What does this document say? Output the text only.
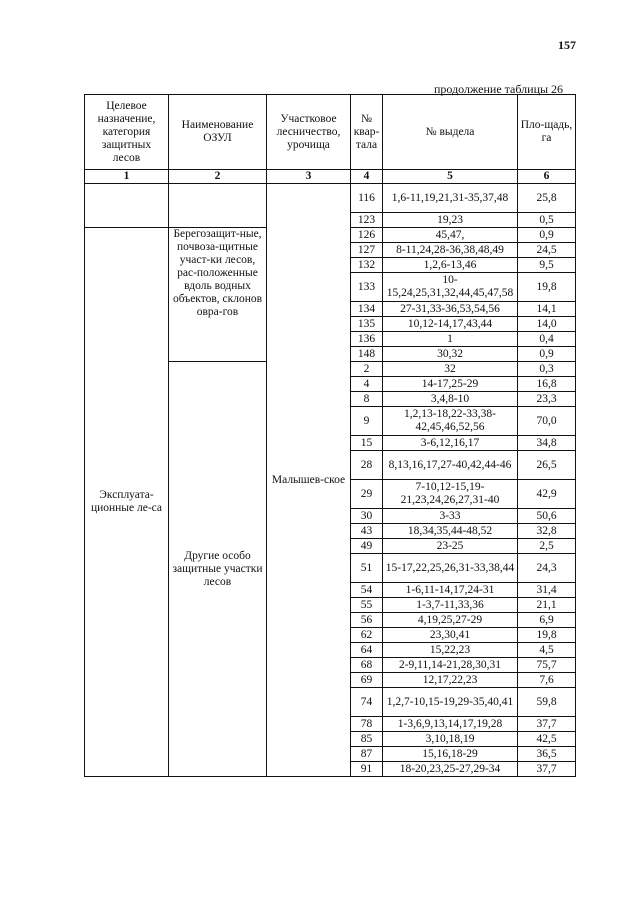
157
продолжение таблицы 26
Целевое назначение, категория защитных лесов	Наименование ОЗУЛ	Участковое лесничество, урочища	№ квар-тала	№ выдела	Пло-щадь, га
1	2	3	4	5	6
		Малышев-ское	116	1,6-11,19,21,31-35,37,48	25,8
			123	19,23	0,5
Эксплуата-ционные ле-са	Берегозащит-ные, почвоза-щитные участ-ки лесов, рас-положенные вдоль водных объектов, склонов овра-гов		126	45,47,	0,9
			127	8-11,24,28-36,38,48,49	24,5
			132	1,2,6-13,46	9,5
			133	10-15,24,25,31,32,44,45,47,58	19,8
			134	27-31,33-36,53,54,56	14,1
			135	10,12-14,17,43,44	14,0
			136	1	0,4
			148	30,32	0,9
	Другие особо защитные участки лесов		2	32	0,3
			4	14-17,25-29	16,8
			8	3,4,8-10	23,3
			9	1,2,13-18,22-33,38-42,45,46,52,56	70,0
			15	3-6,12,16,17	34,8
			28	8,13,16,17,27-40,42,44-46	26,5
			29	7-10,12-15,19-21,23,24,26,27,31-40	42,9
			30	3-33	50,6
			43	18,34,35,44-48,52	32,8
			49	23-25	2,5
			51	15-17,22,25,26,31-33,38,44	24,3
			54	1-6,11-14,17,24-31	31,4
			55	1-3,7-11,33,36	21,1
			56	4,19,25,27-29	6,9
			62	23,30,41	19,8
			64	15,22,23	4,5
			68	2-9,11,14-21,28,30,31	75,7
			69	12,17,22,23	7,6
			74	1,2,7-10,15-19,29-35,40,41	59,8
			78	1-3,6,9,13,14,17,19,28	37,7
			85	3,10,18,19	42,5
			87	15,16,18-29	36,5
			91	18-20,23,25-27,29-34	37,7
